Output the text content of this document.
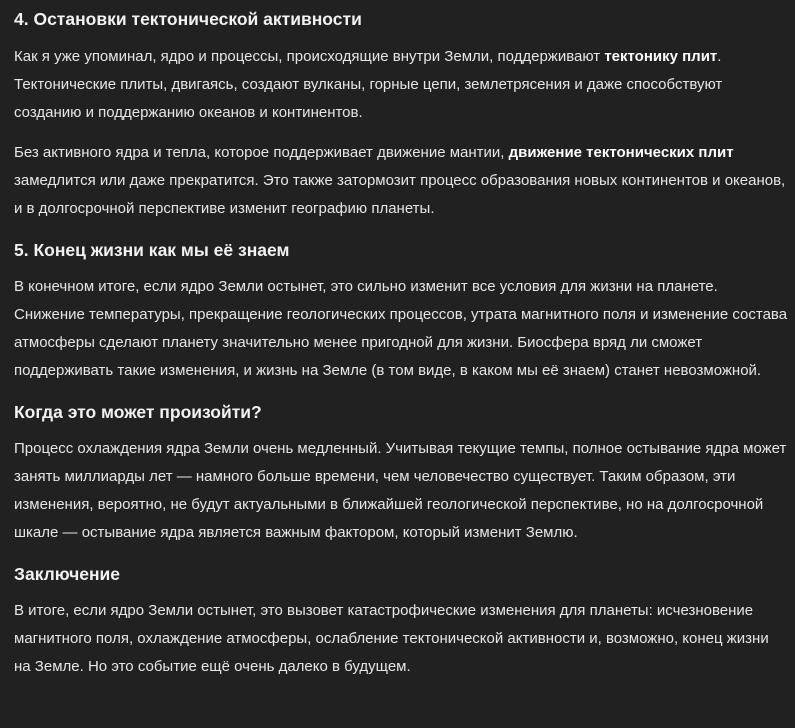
4. Остановки тектонической активности

Как я уже упоминал, ядро и процессы, происходящие внутри Земли, поддерживают тектонику плит. Тектонические плиты, двигаясь, создают вулканы, горные цепи, землетрясения и даже способствуют созданию и поддержанию океанов и континентов.

Без активного ядра и тепла, которое поддерживает движение мантии, движение тектонических плит замедлится или даже прекратится. Это также затормозит процесс образования новых континентов и океанов, и в долгосрочной перспективе изменит географию планеты.

5. Конец жизни как мы её знаем

В конечном итоге, если ядро Земли остынет, это сильно изменит все условия для жизни на планете. Снижение температуры, прекращение геологических процессов, утрата магнитного поля и изменение состава атмосферы сделают планету значительно менее пригодной для жизни. Биосфера вряд ли сможет поддерживать такие изменения, и жизнь на Земле (в том виде, в каком мы её знаем) станет невозможной.

Когда это может произойти?

Процесс охлаждения ядра Земли очень медленный. Учитывая текущие темпы, полное остывание ядра может занять миллиарды лет — намного больше времени, чем человечество существует. Таким образом, эти изменения, вероятно, не будут актуальными в ближайшей геологической перспективе, но на долгосрочной шкале — остывание ядра является важным фактором, который изменит Землю.

Заключение

В итоге, если ядро Земли остынет, это вызовет катастрофические изменения для планеты: исчезновение магнитного поля, охлаждение атмосферы, ослабление тектонической активности и, возможно, конец жизни на Земле. Но это событие ещё очень далеко в будущем.
